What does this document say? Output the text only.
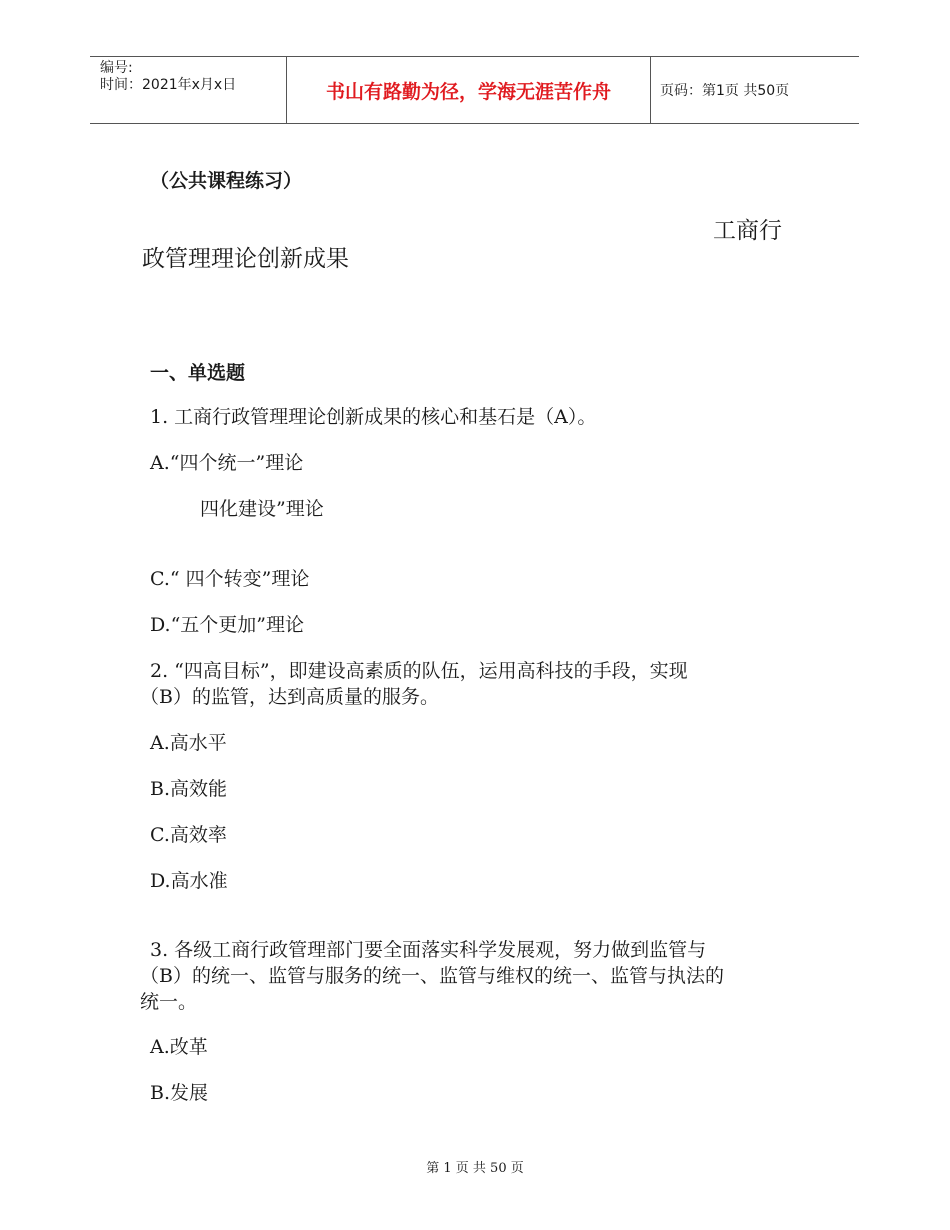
编号:
时间：2021年x月x日	书山有路勤为径，学海无涯苦作舟	页码：第1页 共50页
（公共课程练习）
工商行
政管理理论创新成果
一、单选题
1. 工商行政管理理论创新成果的核心和基石是（A）。
A.“四个统一”理论
四化建设”理论
C.“ 四个转变”理论
D.“五个更加”理论
2. “四高目标”，即建设高素质的队伍，运用高科技的手段，实现
（B）的监管，达到高质量的服务。
A.高水平
B.高效能
C.高效率
D.高水准
3. 各级工商行政管理部门要全面落实科学发展观，努力做到监管与
（B）的统一、监管与服务的统一、监管与维权的统一、监管与执法的
统一。
A.改革
B.发展
第 1 页 共 50 页
